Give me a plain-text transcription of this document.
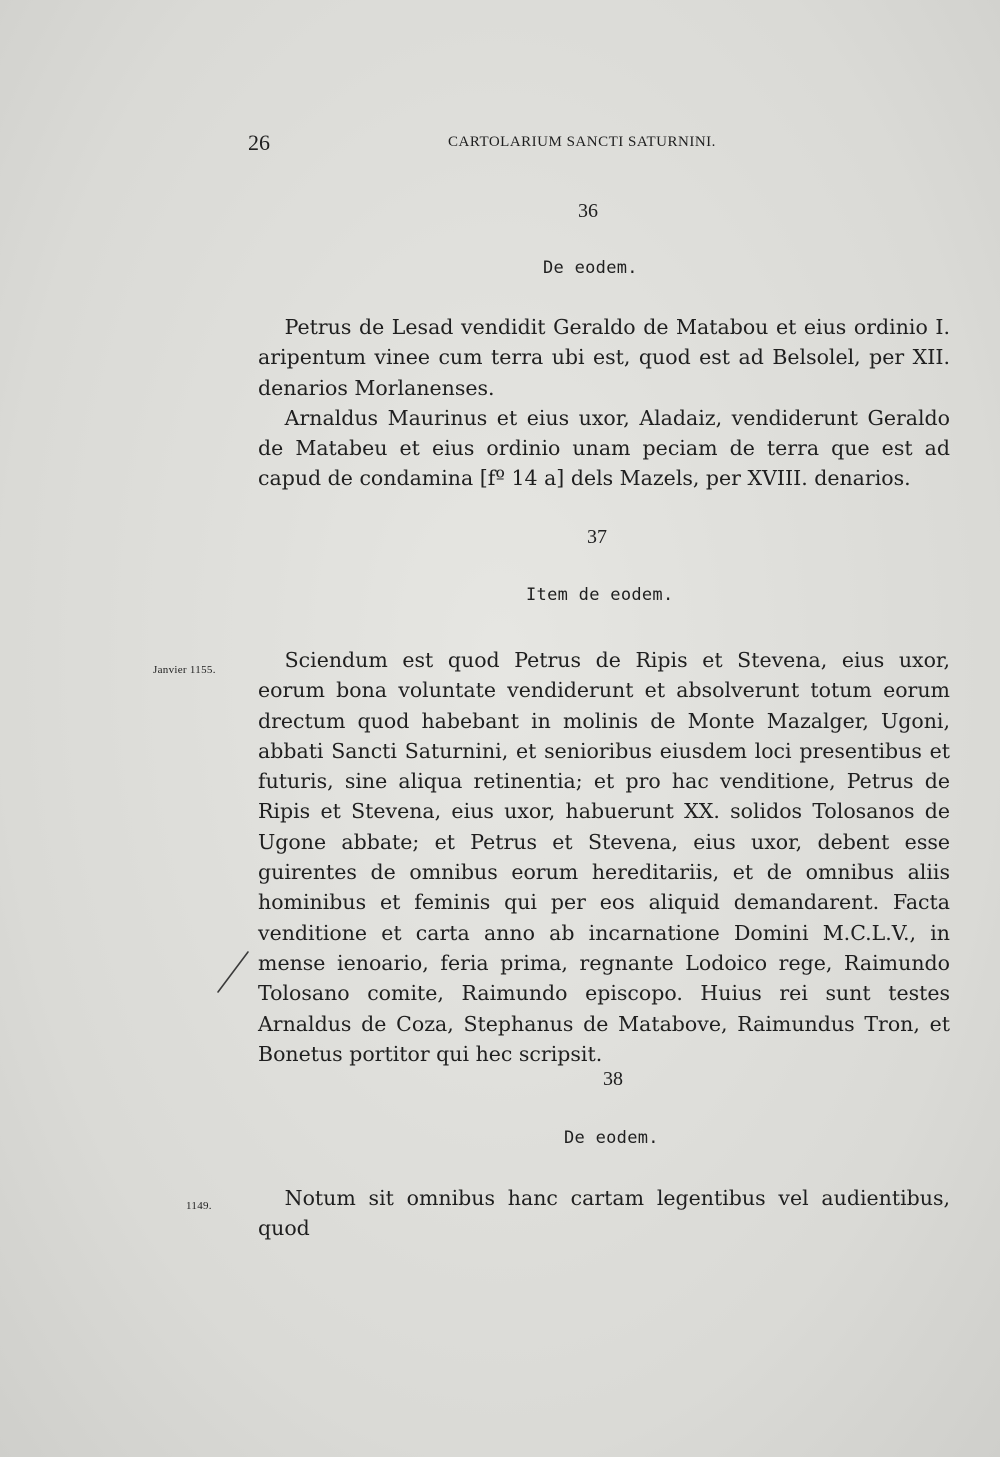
26	CARTOLARIUM SANCTI SATURNINI.
36
De eodem.

Petrus de Lesad vendidit Geraldo de Matabou et eius ordinio I. aripentum vinee cum terra ubi est, quod est ad Belsolel, per XII. denarios Morlanenses.

Arnaldus Maurinus et eius uxor, Aladaiz, vendiderunt Geraldo de Matabeu et eius ordinio unam peciam de terra que est ad capud de condamina [fº 14 a] dels Mazels, per XVIII. denarios.

37
Item de eodem.
Janvier 1155.	Sciendum est quod Petrus de Ripis et Stevena, eius uxor, eorum bona voluntate vendiderunt et absolverunt totum eorum drectum quod habebant in molinis de Monte Mazalger, Ugoni, abbati Sancti Saturnini, et senioribus eiusdem loci presentibus et futuris, sine aliqua retinentia; et pro hac venditione, Petrus de Ripis et Stevena, eius uxor, habuerunt XX. solidos Tolosanos de Ugone abbate; et Petrus et Stevena, eius uxor, debent esse guirentes de omnibus eorum hereditariis, et de omnibus aliis hominibus et feminis qui per eos aliquid demandarent. Facta venditione et carta anno ab incarnatione Domini M.C.L.V., in mense ienoario, feria prima, regnante Lodoico rege, Raimundo Tolosano comite, Raimundo episcopo. Huius rei sunt testes Arnaldus de Coza, Stephanus de Matabove, Raimundus Tron, et Bonetus portitor qui hec scripsit.

38
De eodem.
1149.	Notum sit omnibus hanc cartam legentibus vel audientibus, quod
